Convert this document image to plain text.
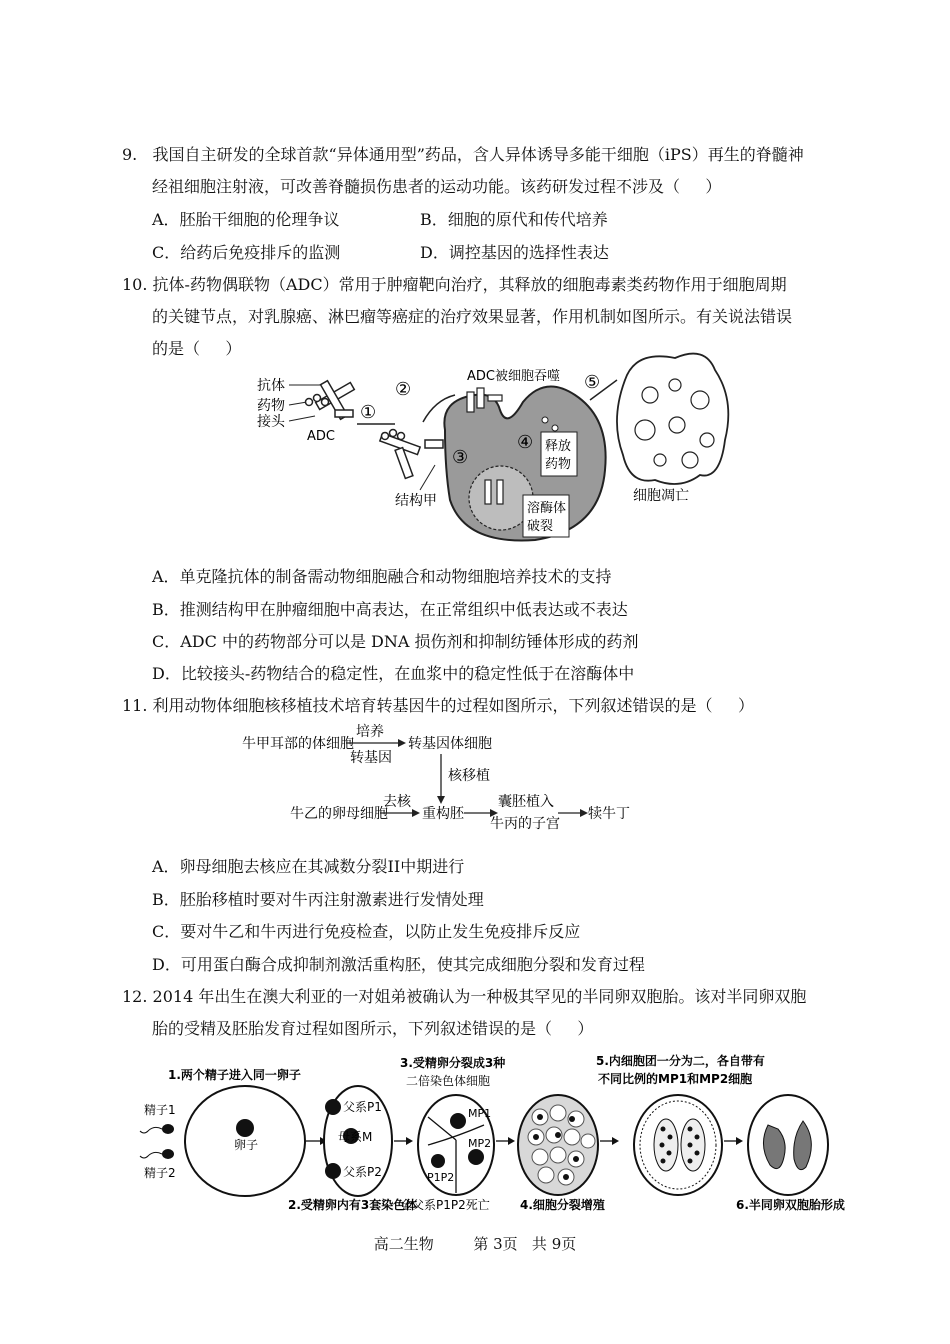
9.   我国自主研发的全球首款“异体通用型”药品，含人异体诱导多能干细胞（iPS）再生的脊髓神
经祖细胞注射液，可改善脊髓损伤患者的运动功能。该药研发过程不涉及（     ）
A．胚胎干细胞的伦理争议	B．细胞的原代和传代培养
C．给药后免疫排斥的监测	D．调控基因的选择性表达
10. 抗体-药物偶联物（ADC）常用于肿瘤靶向治疗，其释放的细胞毒素类药物作用于细胞周期
的关键节点，对乳腺癌、淋巴瘤等癌症的治疗效果显著，作用机制如图所示。有关说法错误
的是（     ）
抗体
药物
接头
ADC
①
②
结构甲
ADC被细胞吞噬
③
④ 释放
药物
溶酶体
破裂
⑤
细胞凋亡
A．单克隆抗体的制备需动物细胞融合和动物细胞培养技术的支持
B．推测结构甲在肿瘤细胞中高表达，在正常组织中低表达或不表达
C．ADC 中的药物部分可以是 DNA 损伤剂和抑制纺锤体形成的药剂
D．比较接头-药物结合的稳定性，在血浆中的稳定性低于在溶酶体中
11. 利用动物体细胞核移植技术培育转基因牛的过程如图所示，下列叙述错误的是（     ）
牛甲耳部的体细胞
培养
转基因
转基因体细胞
核移植
牛乙的卵母细胞
去核
重构胚
囊胚植入
牛丙的子宫
犊牛丁
A．卵母细胞去核应在其减数分裂II中期进行
B．胚胎移植时要对牛丙注射激素进行发情处理
C．要对牛乙和牛丙进行免疫检查，以防止发生免疫排斥反应
D．可用蛋白酶合成抑制剂激活重构胚，使其完成细胞分裂和发育过程
12. 2014 年出生在澳大利亚的一对姐弟被确认为一种极其罕见的半同卵双胞胎。该对半同卵双胞
胎的受精及胚胎发育过程如图所示，下列叙述错误的是（     ）
1.两个精子进入同一卵子
精子1
精子2
卵子
父系P1
母系M
父系P2
2.受精卵内有3套染色体
3.受精卵分裂成3种
二倍染色体细胞
MP1
MP2
P1P2
全父系P1P2死亡	4.细胞分裂增殖
5.内细胞团一分为二，各自带有
不同比例的MP1和MP2细胞
6.半同卵双胞胎形成
高二生物	第 3页   共 9页
